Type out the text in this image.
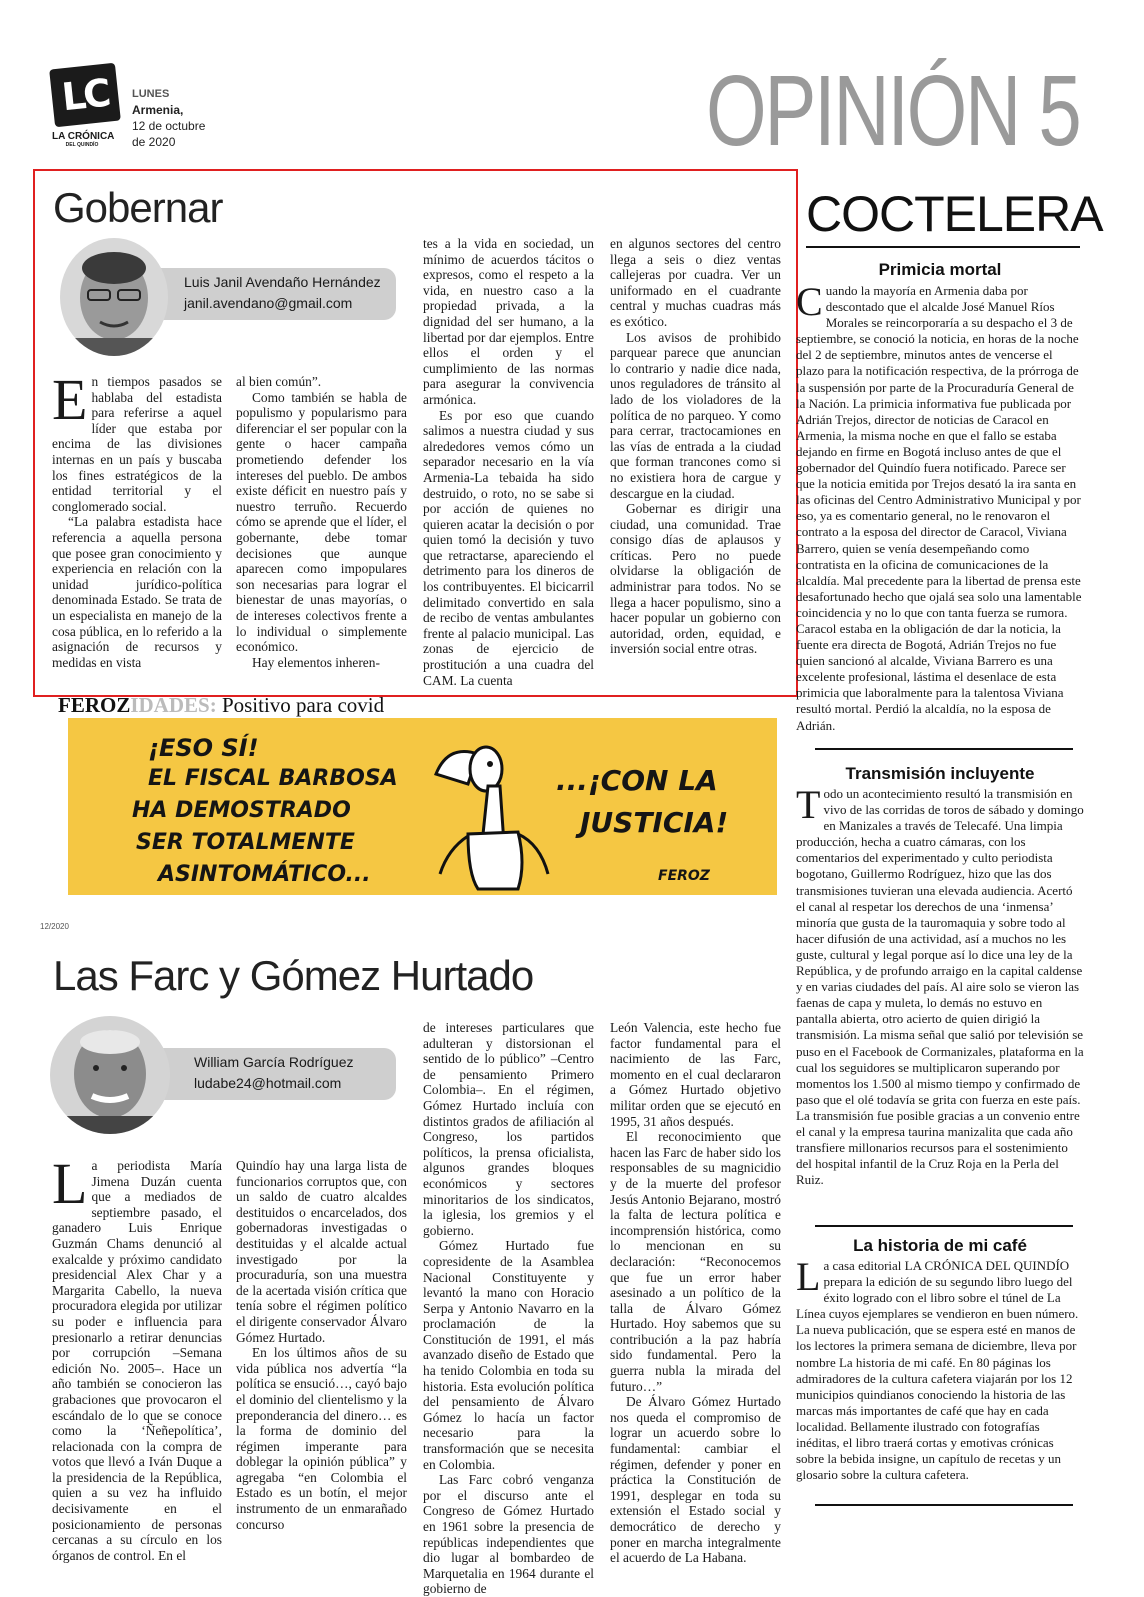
LC
LA CRÓNICA
DEL QUINDÍO
LUNES
Armenia,
12 de octubre
de 2020	OPINIÓN 5
Gobernar
Luis Janil Avendaño Hernández
janil.avendano@gmail.com

En tiempos pasados se hablaba del estadista para referirse a aquel líder que estaba por encima de las divisiones internas en un país y buscaba los fines estratégicos de la entidad territorial y el conglomerado social.

“La palabra estadista hace referencia a aquella persona que posee gran conocimiento y experiencia en relación con la unidad jurídico-política denominada Estado. Se trata de un especialista en manejo de la cosa pública, en lo referido a la asignación de recursos y medidas en vista

al bien común”.

Como también se habla de populismo y popularismo para diferenciar el ser popular con la gente o hacer campaña prometiendo defender los intereses del pueblo. De ambos existe déficit en nuestro país y nuestro terruño. Recuerdo cómo se aprende que el líder, el gobernante, debe tomar decisiones que aunque aparecen como impopulares son necesarias para lograr el bienestar de unas mayorías, o de intereses colectivos frente a lo individual o simplemente económico.

Hay elementos inheren-

tes a la vida en sociedad, un mínimo de acuerdos tácitos o expresos, como el respeto a la vida, en nuestro caso a la propiedad privada, a la dignidad del ser humano, a la libertad por dar ejemplos. Entre ellos el orden y el cumplimiento de las normas para asegurar la convivencia armónica.

Es por eso que cuando salimos a nuestra ciudad y sus alrededores vemos cómo un separador necesario en la vía Armenia-La tebaida ha sido destruido, o roto, no se sabe si por acción de quienes no quieren acatar la decisión o por quien tomó la decisión y tuvo que retractarse, apareciendo el detrimento para los dineros de los contribuyentes. El bicicarril delimitado convertido en sala de recibo de ventas ambulantes frente al palacio municipal. Las zonas de ejercicio de prostitución a una cuadra del CAM. La cuenta

en algunos sectores del centro llega a seis o diez ventas callejeras por cuadra. Ver un uniformado en el cuadrante central y muchas cuadras más es exótico.

Los avisos de prohibido parquear parece que anuncian lo contrario y nadie dice nada, unos reguladores de tránsito al lado de los violadores de la política de no parqueo. Y como para cerrar, tractocamiones en las vías de entrada a la ciudad que forman trancones como si no existiera hora de cargue y descargue en la ciudad.

Gobernar es dirigir una ciudad, una comunidad. Trae consigo días de aplausos y críticas. Pero no puede olvidarse la obligación de administrar para todos. No se llega a hacer populismo, sino a hacer popular un gobierno con autoridad, orden, equidad, e inversión social entre otras.

FEROZIDADES: Positivo para covid
¡ESO SÍ!
EL FISCAL BARBOSA
HA DEMOSTRADO
SER TOTALMENTE
ASINTOMÁTICO...
...¡CON LA
JUSTICIA!
FEROZ
12/2020
Las Farc y Gómez Hurtado
William García Rodríguez
ludabe24@hotmail.com

La periodista María Jimena Duzán cuenta que a mediados de septiembre pasado, el ganadero Luis Enrique Guzmán Chams denunció al exalcalde y próximo candidato presidencial Alex Char y a Margarita Cabello, la nueva procuradora elegida por utilizar su poder e influencia para presionarlo a retirar denuncias por corrupción –Semana edición No. 2005–. Hace un año también se conocieron las grabaciones que provocaron el escándalo de lo que se conoce como la ‘Ñeñepolítica’, relacionada con la compra de votos que llevó a Iván Duque a la presidencia de la República, quien a su vez ha influido decisivamente en el posicionamiento de personas cercanas a su círculo en los órganos de control. En el

Quindío hay una larga lista de funcionarios corruptos que, con un saldo de cuatro alcaldes destituidos o encarcelados, dos gobernadoras investigadas o destituidas y el alcalde actual investigado por la procuraduría, son una muestra de la acertada visión crítica que tenía sobre el régimen político el dirigente conservador Álvaro Gómez Hurtado.

En los últimos años de su vida pública nos advertía “la política se ensució…, cayó bajo el dominio del clientelismo y la preponderancia del dinero… es la forma de dominio del régimen imperante para doblegar la opinión pública” y agregaba “en Colombia el Estado es un botín, el mejor instrumento de un enmarañado concurso

de intereses particulares que adulteran y distorsionan el sentido de lo público” –Centro de pensamiento Primero Colombia–. En el régimen, Gómez Hurtado incluía con distintos grados de afiliación al Congreso, los partidos políticos, la prensa oficialista, algunos grandes bloques económicos y sectores minoritarios de los sindicatos, la iglesia, los gremios y el gobierno.

Gómez Hurtado fue copresidente de la Asamblea Nacional Constituyente y levantó la mano con Horacio Serpa y Antonio Navarro en la proclamación de la Constitución de 1991, el más avanzado diseño de Estado que ha tenido Colombia en toda su historia. Esta evolución política del pensamiento de Álvaro Gómez lo hacía un factor necesario para la transformación que se necesita en Colombia.

Las Farc cobró venganza por el discurso ante el Congreso de Gómez Hurtado en 1961 sobre la presencia de repúblicas independientes que dio lugar al bombardeo de Marquetalia en 1964 durante el gobierno de

León Valencia, este hecho fue factor fundamental para el nacimiento de las Farc, momento en el cual declararon a Gómez Hurtado objetivo militar orden que se ejecutó en 1995, 31 años después.

El reconocimiento que hacen las Farc de haber sido los responsables de su magnicidio y de la muerte del profesor Jesús Antonio Bejarano, mostró la falta de lectura política e incomprensión histórica, como lo mencionan en su declaración: “Reconocemos que fue un error haber asesinado a un político de la talla de Álvaro Gómez Hurtado. Hoy sabemos que su contribución a la paz habría sido fundamental. Pero la guerra nubla la mirada del futuro…”

De Álvaro Gómez Hurtado nos queda el compromiso de lograr un acuerdo sobre lo fundamental: cambiar el régimen, defender y poner en práctica la Constitución de 1991, desplegar en toda su extensión el Estado social y democrático de derecho y poner en marcha integralmente el acuerdo de La Habana.

COCTELERA
Primicia mortal
Cuando la mayoría en Armenia daba por descontado que el alcalde José Manuel Ríos Morales se reincorporaría a su despacho el 3 de septiembre, se conoció la noticia, en horas de la noche del 2 de septiembre, minutos antes de vencerse el plazo para la notificación respectiva, de la prórroga de la suspensión por parte de la Procuraduría General de la Nación. La primicia informativa fue publicada por Adrián Trejos, director de noticias de Caracol en Armenia, la misma noche en que el fallo se estaba dejando en firme en Bogotá incluso antes de que el gobernador del Quindío fuera notificado. Parece ser que la noticia emitida por Trejos desató la ira santa en las oficinas del Centro Administrativo Municipal y por eso, ya es comentario general, no le renovaron el contrato a la esposa del director de Caracol, Viviana Barrero, quien se venía desempeñando como contratista en la oficina de comunicaciones de la alcaldía. Mal precedente para la libertad de prensa este desafortunado hecho que ojalá sea solo una lamentable coincidencia y no lo que con tanta fuerza se rumora. Caracol estaba en la obligación de dar la noticia, la fuente era directa de Bogotá, Adrián Trejos no fue quien sancionó al alcalde, Viviana Barrero es una excelente profesional, lástima el desenlace de esta primicia que laboralmente para la talentosa Viviana resultó mortal. Perdió la alcaldía, no la esposa de Adrián.
Transmisión incluyente
Todo un acontecimiento resultó la transmisión en vivo de las corridas de toros de sábado y domingo en Manizales a través de Telecafé. Una limpia producción, hecha a cuatro cámaras, con los comentarios del experimentado y culto periodista bogotano, Guillermo Rodríguez, hizo que las dos transmisiones tuvieran una elevada audiencia. Acertó el canal al respetar los derechos de una ‘inmensa’ minoría que gusta de la tauromaquia y sobre todo al hacer difusión de una actividad, así a muchos no les guste, cultural y legal porque así lo dice una ley de la República, y de profundo arraigo en la capital caldense y en varias ciudades del país. Al aire solo se vieron las faenas de capa y muleta, lo demás no estuvo en pantalla abierta, otro acierto de quien dirigió la transmisión. La misma señal que salió por televisión se puso en el Facebook de Cormanizales, plataforma en la cual los seguidores se multiplicaron superando por momentos los 1.500 al mismo tiempo y confirmado de paso que el olé todavía se grita con fuerza en este país. La transmisión fue posible gracias a un convenio entre el canal y la empresa taurina manizalita que cada año transfiere millonarios recursos para el sostenimiento del hospital infantil de la Cruz Roja en la Perla del Ruiz.
La historia de mi café
La casa editorial LA CRÓNICA DEL QUINDÍO prepara la edición de su segundo libro luego del éxito logrado con el libro sobre el túnel de La Línea cuyos ejemplares se vendieron en buen número. La nueva publicación, que se espera esté en manos de los lectores la primera semana de diciembre, lleva por nombre La historia de mi café. En 80 páginas los admiradores de la cultura cafetera viajarán por los 12 municipios quindianos conociendo la historia de las marcas más importantes de café que hay en cada localidad. Bellamente ilustrado con fotografías inéditas, el libro traerá cortas y emotivas crónicas sobre la bebida insigne, un capítulo de recetas y un glosario sobre la cultura cafetera.
